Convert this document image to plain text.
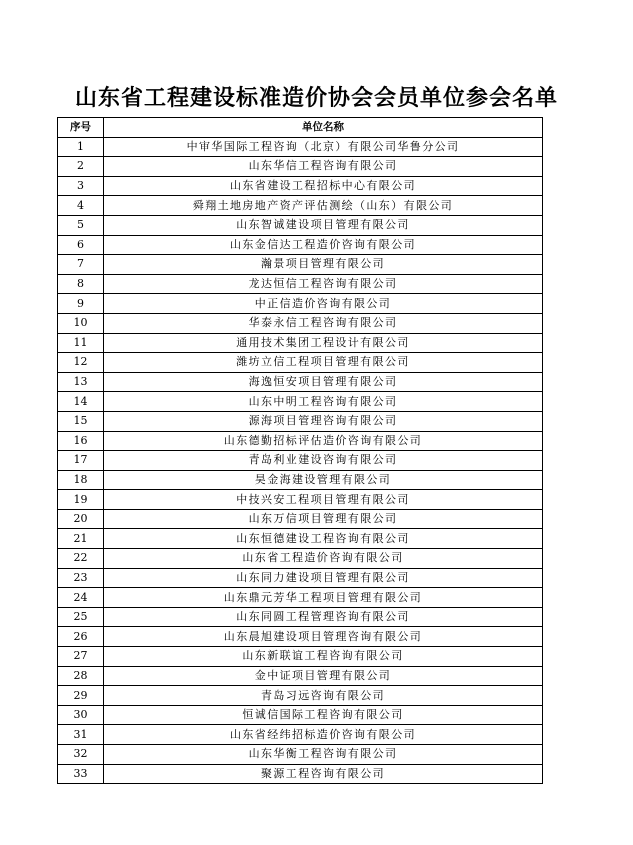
山东省工程建设标准造价协会会员单位参会名单
序号	单位名称
1	中审华国际工程咨询（北京）有限公司华鲁分公司
2	山东华信工程咨询有限公司
3	山东省建设工程招标中心有限公司
4	舜翔土地房地产资产评估测绘（山东）有限公司
5	山东智诚建设项目管理有限公司
6	山东金信达工程造价咨询有限公司
7	瀚景项目管理有限公司
8	龙达恒信工程咨询有限公司
9	中正信造价咨询有限公司
10	华泰永信工程咨询有限公司
11	通用技术集团工程设计有限公司
12	潍坊立信工程项目管理有限公司
13	海逸恒安项目管理有限公司
14	山东中明工程咨询有限公司
15	源海项目管理咨询有限公司
16	山东德勤招标评估造价咨询有限公司
17	青岛利业建设咨询有限公司
18	昊金海建设管理有限公司
19	中技兴安工程项目管理有限公司
20	山东万信项目管理有限公司
21	山东恒德建设工程咨询有限公司
22	山东省工程造价咨询有限公司
23	山东同力建设项目管理有限公司
24	山东鼎元芳华工程项目管理有限公司
25	山东同圆工程管理咨询有限公司
26	山东晨旭建设项目管理咨询有限公司
27	山东新联谊工程咨询有限公司
28	金中证项目管理有限公司
29	青岛习远咨询有限公司
30	恒诚信国际工程咨询有限公司
31	山东省经纬招标造价咨询有限公司
32	山东华衡工程咨询有限公司
33	聚源工程咨询有限公司
